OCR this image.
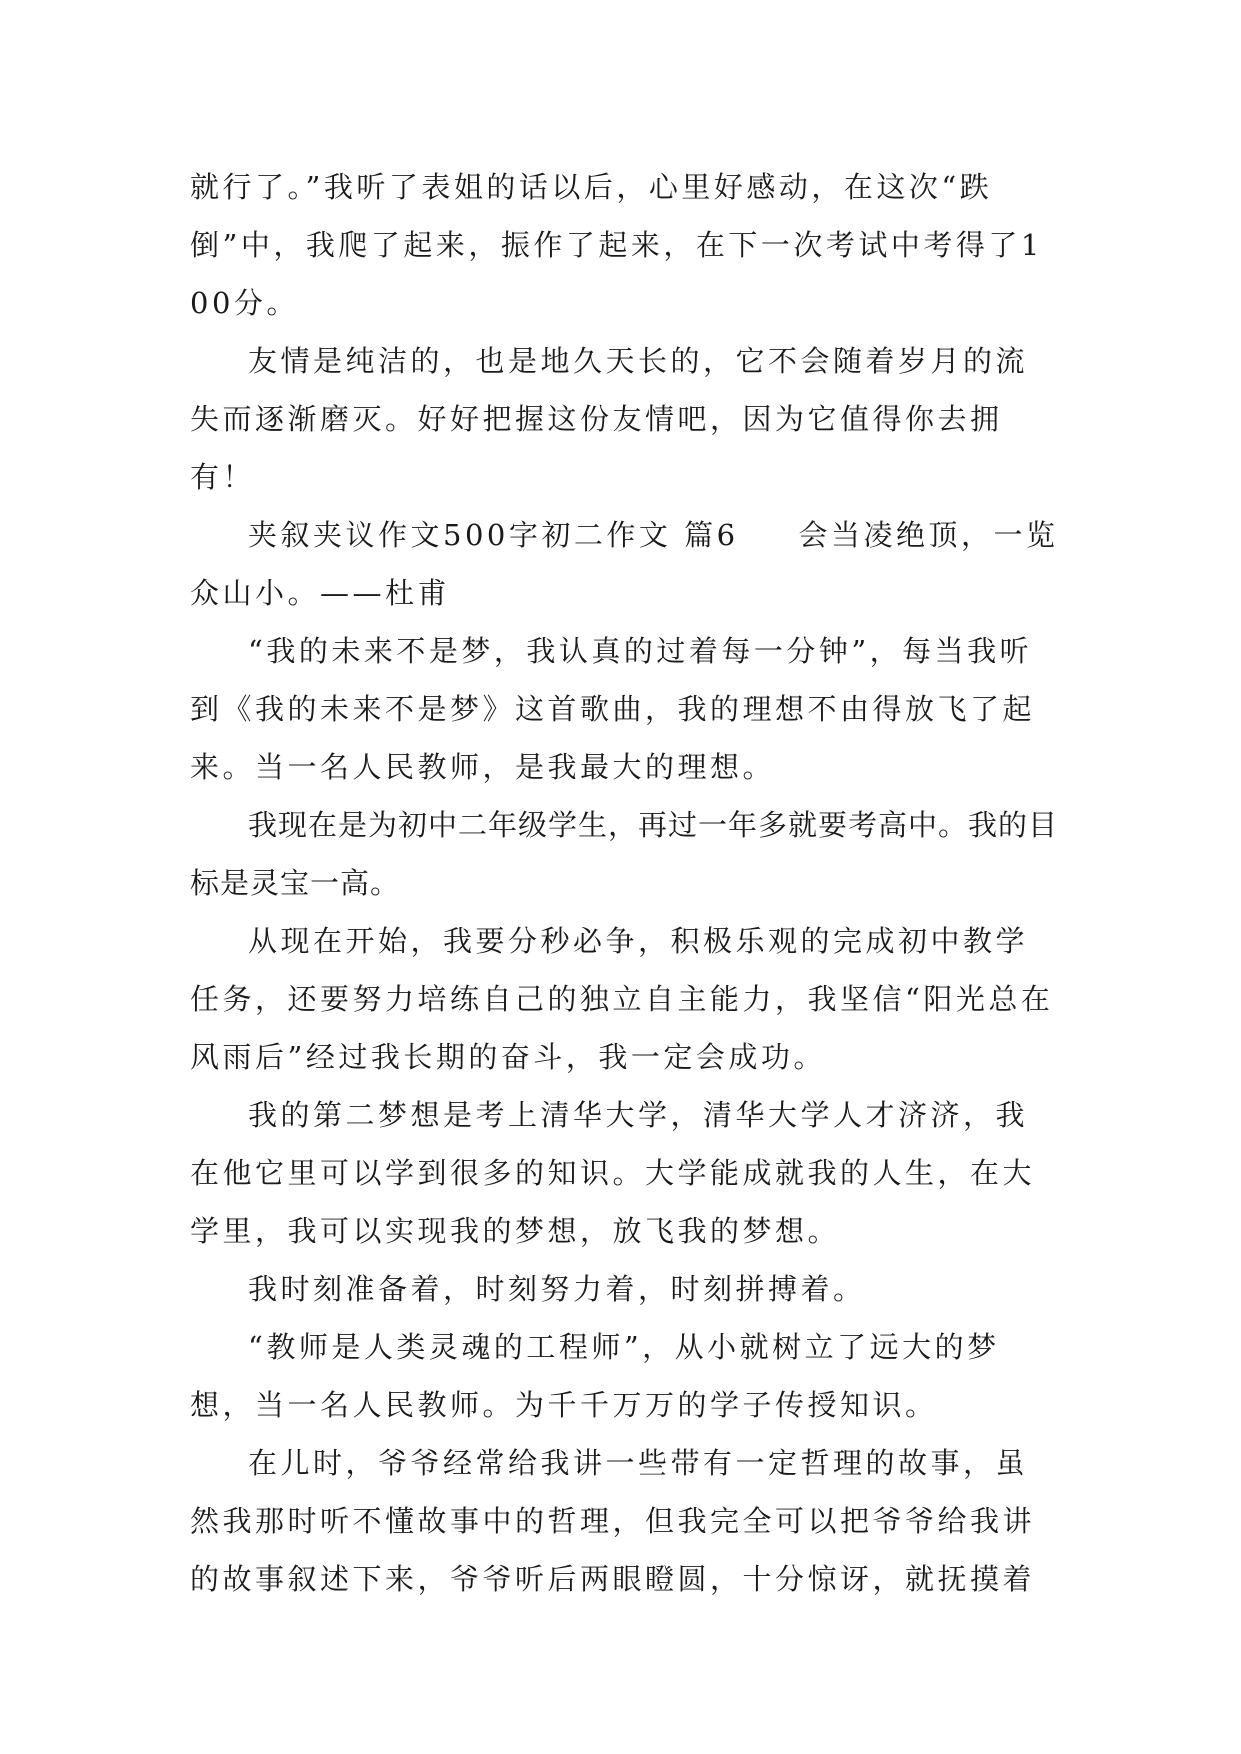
就行了。”我听了表姐的话以后，心里好感动，在这次“跌倒”中，我爬了起来，振作了起来，在下一次考试中考得了100分。

友情是纯洁的，也是地久天长的，它不会随着岁月的流失而逐渐磨灭。好好把握这份友情吧，因为它值得你去拥有！

夹叙夹议作文500字初二作文 篇6 会当凌绝顶，一览众山小。——杜甫

“我的未来不是梦，我认真的过着每一分钟”，每当我听到《我的未来不是梦》这首歌曲，我的理想不由得放飞了起来。当一名人民教师，是我最大的理想。

我现在是为初中二年级学生，再过一年多就要考高中。我的目标是灵宝一高。

从现在开始，我要分秒必争，积极乐观的完成初中教学任务，还要努力培练自己的独立自主能力，我坚信“阳光总在风雨后”经过我长期的奋斗，我一定会成功。

我的第二梦想是考上清华大学，清华大学人才济济，我在他它里可以学到很多的知识。大学能成就我的人生，在大学里，我可以实现我的梦想，放飞我的梦想。

我时刻准备着，时刻努力着，时刻拼搏着。

“教师是人类灵魂的工程师”，从小就树立了远大的梦想，当一名人民教师。为千千万万的学子传授知识。

在儿时，爷爷经常给我讲一些带有一定哲理的故事，虽然我那时听不懂故事中的哲理，但我完全可以把爷爷给我讲的故事叙述下来，爷爷听后两眼瞪圆，十分惊讶，就抚摸着
